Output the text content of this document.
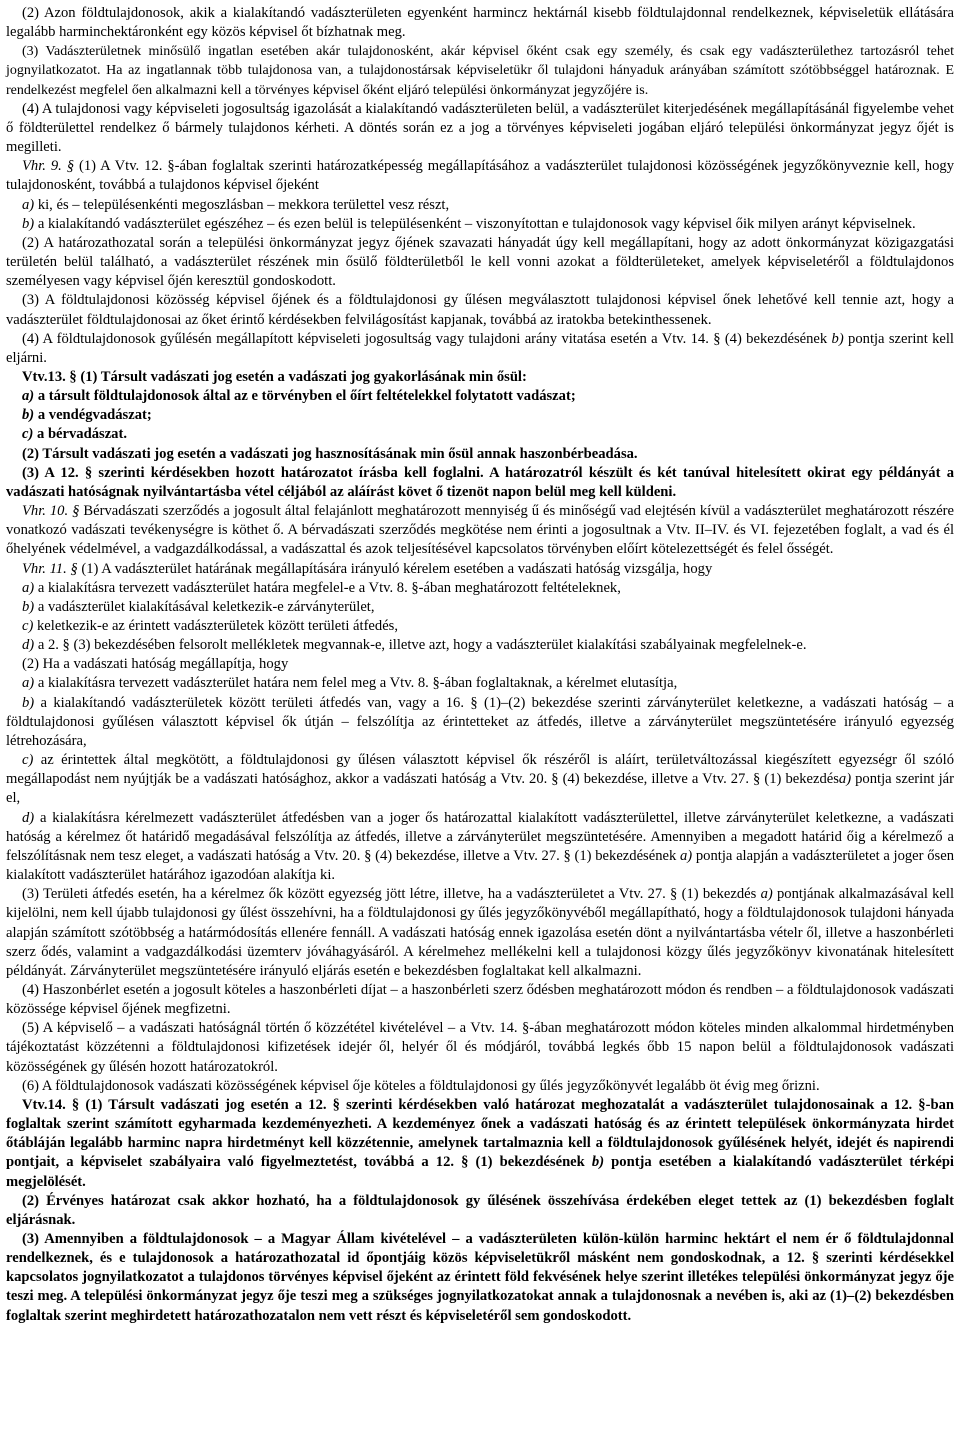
(2) Azon földtulajdonosok, akik a kialakítandó vadászterületen egyenként harmincz hektárnál kisebb földtulajdonnal rendelkeznek, képviseletük ellátására legalább harminchektáronként egy közös képvisel őt bízhatnak meg.

(3) Vadászterületnek minősülő ingatlan esetében akár tulajdonosként, akár képvisel őként csak egy személy, és csak egy vadászterülethez tartozásról tehet jognyilatkozatot. Ha az ingatlannak több tulajdonosa van, a tulajdonostársak képviseletükr ől tulajdoni hányaduk arányában számított szótöbbséggel határoznak. E rendelkezést megfelel ően alkalmazni kell a törvényes képvisel őként eljáró települési önkormányzat jegyzőjére is.

(4) A tulajdonosi vagy képviseleti jogosultság igazolását a kialakítandó vadászterületen belül, a vadászterület kiterjedésének megállapításánál figyelembe vehet ő földterülettel rendelkez ő bármely tulajdonos kérheti. A döntés során ez a jog a törvényes képviseleti jogában eljáró települési önkormányzat jegyz őjét is megilleti.

Vhr. 9. § (1) A Vtv. 12. §-ában foglaltak szerinti határozatképesség megállapításához a vadászterület tulajdonosi közösségének jegyzőkönyveznie kell, hogy tulajdonosként, továbbá a tulajdonos képvisel őjeként

a) ki, és – településenkénti megoszlásban – mekkora területtel vesz részt,

b) a kialakítandó vadászterület egészéhez – és ezen belül is településenként – viszonyítottan e tulajdonosok vagy képvisel őik milyen arányt képviselnek.

(2) A határozathozatal során a települési önkormányzat jegyz őjének szavazati hányadát úgy kell megállapítani, hogy az adott önkormányzat közigazgatási területén belül található, a vadászterület részének min ősülő földterületből le kell vonni azokat a földterületeket, amelyek képviseletéről a földtulajdonos személyesen vagy képvisel őjén keresztül gondoskodott.

(3) A földtulajdonosi közösség képvisel őjének és a földtulajdonosi gy űlésen megválasztott tulajdonosi képvisel őnek lehetővé kell tennie azt, hogy a vadászterület földtulajdonosai az őket érintő kérdésekben felvilágosítást kapjanak, továbbá az iratokba betekinthessenek.

(4) A földtulajdonosok gyűlésén megállapított képviseleti jogosultság vagy tulajdoni arány vitatása esetén a Vtv. 14. § (4) bekezdésének b) pontja szerint kell eljárni.

Vtv.13. § (1) Társult vadászati jog esetén a vadászati jog gyakorlásának min ősül:

a) a társult földtulajdonosok által az e törvényben el őírt feltételekkel folytatott vadászat;

b) a vendégvadászat;

c) a bérvadászat.

(2) Társult vadászati jog esetén a vadászati jog hasznosításának min ősül annak haszonbérbeadása.

(3) A 12. § szerinti kérdésekben hozott határozatot írásba kell foglalni. A határozatról készült és két tanúval hitelesített okirat egy példányát a vadászati hatóságnak nyilvántartásba vétel céljából az aláírást követ ő tizenöt napon belül meg kell küldeni.

Vhr. 10. § Bérvadászati szerződés a jogosult által felajánlott meghatározott mennyiség ű és minőségű vad elejtésén kívül a vadászterület meghatározott részére vonatkozó vadászati tevékenységre is köthet ő. A bérvadászati szerződés megkötése nem érinti a jogosultnak a Vtv. II–IV. és VI. fejezetében foglalt, a vad és él őhelyének védelmével, a vadgazdálkodással, a vadászattal és azok teljesítésével kapcsolatos törvényben előírt kötelezettségét és felel ősségét.

Vhr. 11. § (1) A vadászterület határának megállapítására irányuló kérelem esetében a vadászati hatóság vizsgálja, hogy

a) a kialakításra tervezett vadászterület határa megfelel-e a Vtv. 8. §-ában meghatározott feltételeknek,

b) a vadászterület kialakításával keletkezik-e zárványterület,

c) keletkezik-e az érintett vadászterületek között területi átfedés,

d) a 2. § (3) bekezdésében felsorolt mellékletek megvannak-e, illetve azt, hogy a vadászterület kialakítási szabályainak megfelelnek-e.

(2) Ha a vadászati hatóság megállapítja, hogy

a) a kialakításra tervezett vadászterület határa nem felel meg a Vtv. 8. §-ában foglaltaknak, a kérelmet elutasítja,

b) a kialakítandó vadászterületek között területi átfedés van, vagy a 16. § (1)–(2) bekezdése szerinti zárványterület keletkezne, a vadászati hatóság – a földtulajdonosi gyűlésen választott képvisel ők útján – felszólítja az érintetteket az átfedés, illetve a zárványterület megszüntetésére irányuló egyezség létrehozására,

c) az érintettek által megkötött, a földtulajdonosi gy űlésen választott képvisel ők részéről is aláírt, területváltozással kiegészített egyezségr ől szóló megállapodást nem nyújtják be a vadászati hatósághoz, akkor a vadászati hatóság a Vtv. 20. § (4) bekezdése, illetve a Vtv. 27. § (1) bekezdésa) pontja szerint jár el,

d) a kialakításra kérelmezett vadászterület átfedésben van a joger ős határozattal kialakított vadászterülettel, illetve zárványterület keletkezne, a vadászati hatóság a kérelmez őt határidő megadásával felszólítja az átfedés, illetve a zárványterület megszüntetésére. Amennyiben a megadott határid őig a kérelmező a felszólításnak nem tesz eleget, a vadászati hatóság a Vtv. 20. § (4) bekezdése, illetve a Vtv. 27. § (1) bekezdésének a) pontja alapján a vadászterületet a joger ősen kialakított vadászterület határához igazodóan alakítja ki.

(3) Területi átfedés esetén, ha a kérelmez ők között egyezség jött létre, illetve, ha a vadászterületet a Vtv. 27. § (1) bekezdés a) pontjának alkalmazásával kell kijelölni, nem kell újabb tulajdonosi gy űlést összehívni, ha a földtulajdonosi gy űlés jegyzőkönyvéből megállapítható, hogy a földtulajdonosok tulajdoni hányada alapján számított szótöbbség a határmódosítás ellenére fennáll. A vadászati hatóság ennek igazolása esetén dönt a nyilvántartásba vételr ől, illetve a haszonbérleti szerz ődés, valamint a vadgazdálkodási üzemterv jóváhagyásáról. A kérelmehez mellékelni kell a tulajdonosi közgy űlés jegyzőkönyv kivonatának hitelesített példányát. Zárványterület megszüntetésére irányuló eljárás esetén e bekezdésben foglaltakat kell alkalmazni.

(4) Haszonbérlet esetén a jogosult köteles a haszonbérleti díjat – a haszonbérleti szerz ődésben meghatározott módon és rendben – a földtulajdonosok vadászati közössége képvisel őjének megfizetni.

(5) A képviselő – a vadászati hatóságnál történ ő közzététel kivételével – a Vtv. 14. §-ában meghatározott módon köteles minden alkalommal hirdetményben tájékoztatást közzétenni a földtulajdonosi kifizetések idejér ől, helyér ől és módjáról, továbbá legkés őbb 15 napon belül a földtulajdonosok vadászati közösségének gy űlésén hozott határozatokról.

(6) A földtulajdonosok vadászati közösségének képvisel ője köteles a földtulajdonosi gy űlés jegyzőkönyvét legalább öt évig meg őrizni.

Vtv.14. § (1) Társult vadászati jog esetén a 12. § szerinti kérdésekben való határozat meghozatalát a vadászterület tulajdonosainak a 12. §-ban foglaltak szerint számított egyharmada kezdeményezheti. A kezdeményez őnek a vadászati hatóság és az érintett települések önkormányzata hirdet őtábláján legalább harminc napra hirdetményt kell közzétennie, amelynek tartalmaznia kell a földtulajdonosok gyűlésének helyét, idejét és napirendi pontjait, a képviselet szabályaira való figyelmeztetést, továbbá a 12. § (1) bekezdésének b) pontja esetében a kialakítandó vadászterület térképi megjelölését.

(2) Érvényes határozat csak akkor hozható, ha a földtulajdonosok gy űlésének összehívása érdekében eleget tettek az (1) bekezdésben foglalt eljárásnak.

(3) Amennyiben a földtulajdonosok – a Magyar Állam kivételével – a vadászterületen külön-külön harminc hektárt el nem ér ő földtulajdonnal rendelkeznek, és e tulajdonosok a határozathozatal id őpontjáig közös képviseletükről másként nem gondoskodnak, a 12. § szerinti kérdésekkel kapcsolatos jognyilatkozatot a tulajdonos törvényes képvisel őjeként az érintett föld fekvésének helye szerint illetékes települési önkormányzat jegyz ője teszi meg. A települési önkormányzat jegyz ője teszi meg a szükséges jognyilatkozatokat annak a tulajdonosnak a nevében is, aki az (1)–(2) bekezdésben foglaltak szerint meghirdetett határozathozatalon nem vett részt és képviseletéről sem gondoskodott.
